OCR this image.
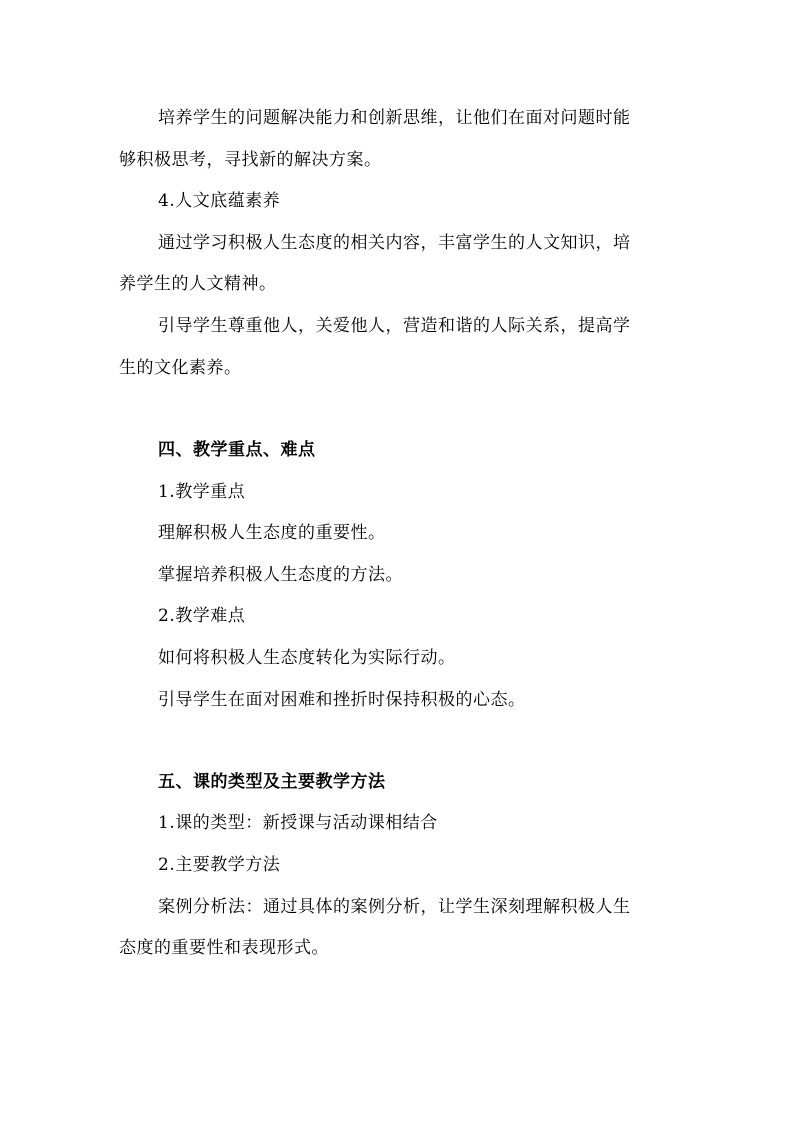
培养学生的问题解决能力和创新思维，让他们在面对问题时能
够积极思考，寻找新的解决方案。
4.人文底蕴素养
通过学习积极人生态度的相关内容，丰富学生的人文知识，培
养学生的人文精神。
引导学生尊重他人，关爱他人，营造和谐的人际关系，提高学
生的文化素养。
四、教学重点、难点
1.教学重点
理解积极人生态度的重要性。
掌握培养积极人生态度的方法。
2.教学难点
如何将积极人生态度转化为实际行动。
引导学生在面对困难和挫折时保持积极的心态。
五、课的类型及主要教学方法
1.课的类型：新授课与活动课相结合
2.主要教学方法
案例分析法：通过具体的案例分析，让学生深刻理解积极人生
态度的重要性和表现形式。
